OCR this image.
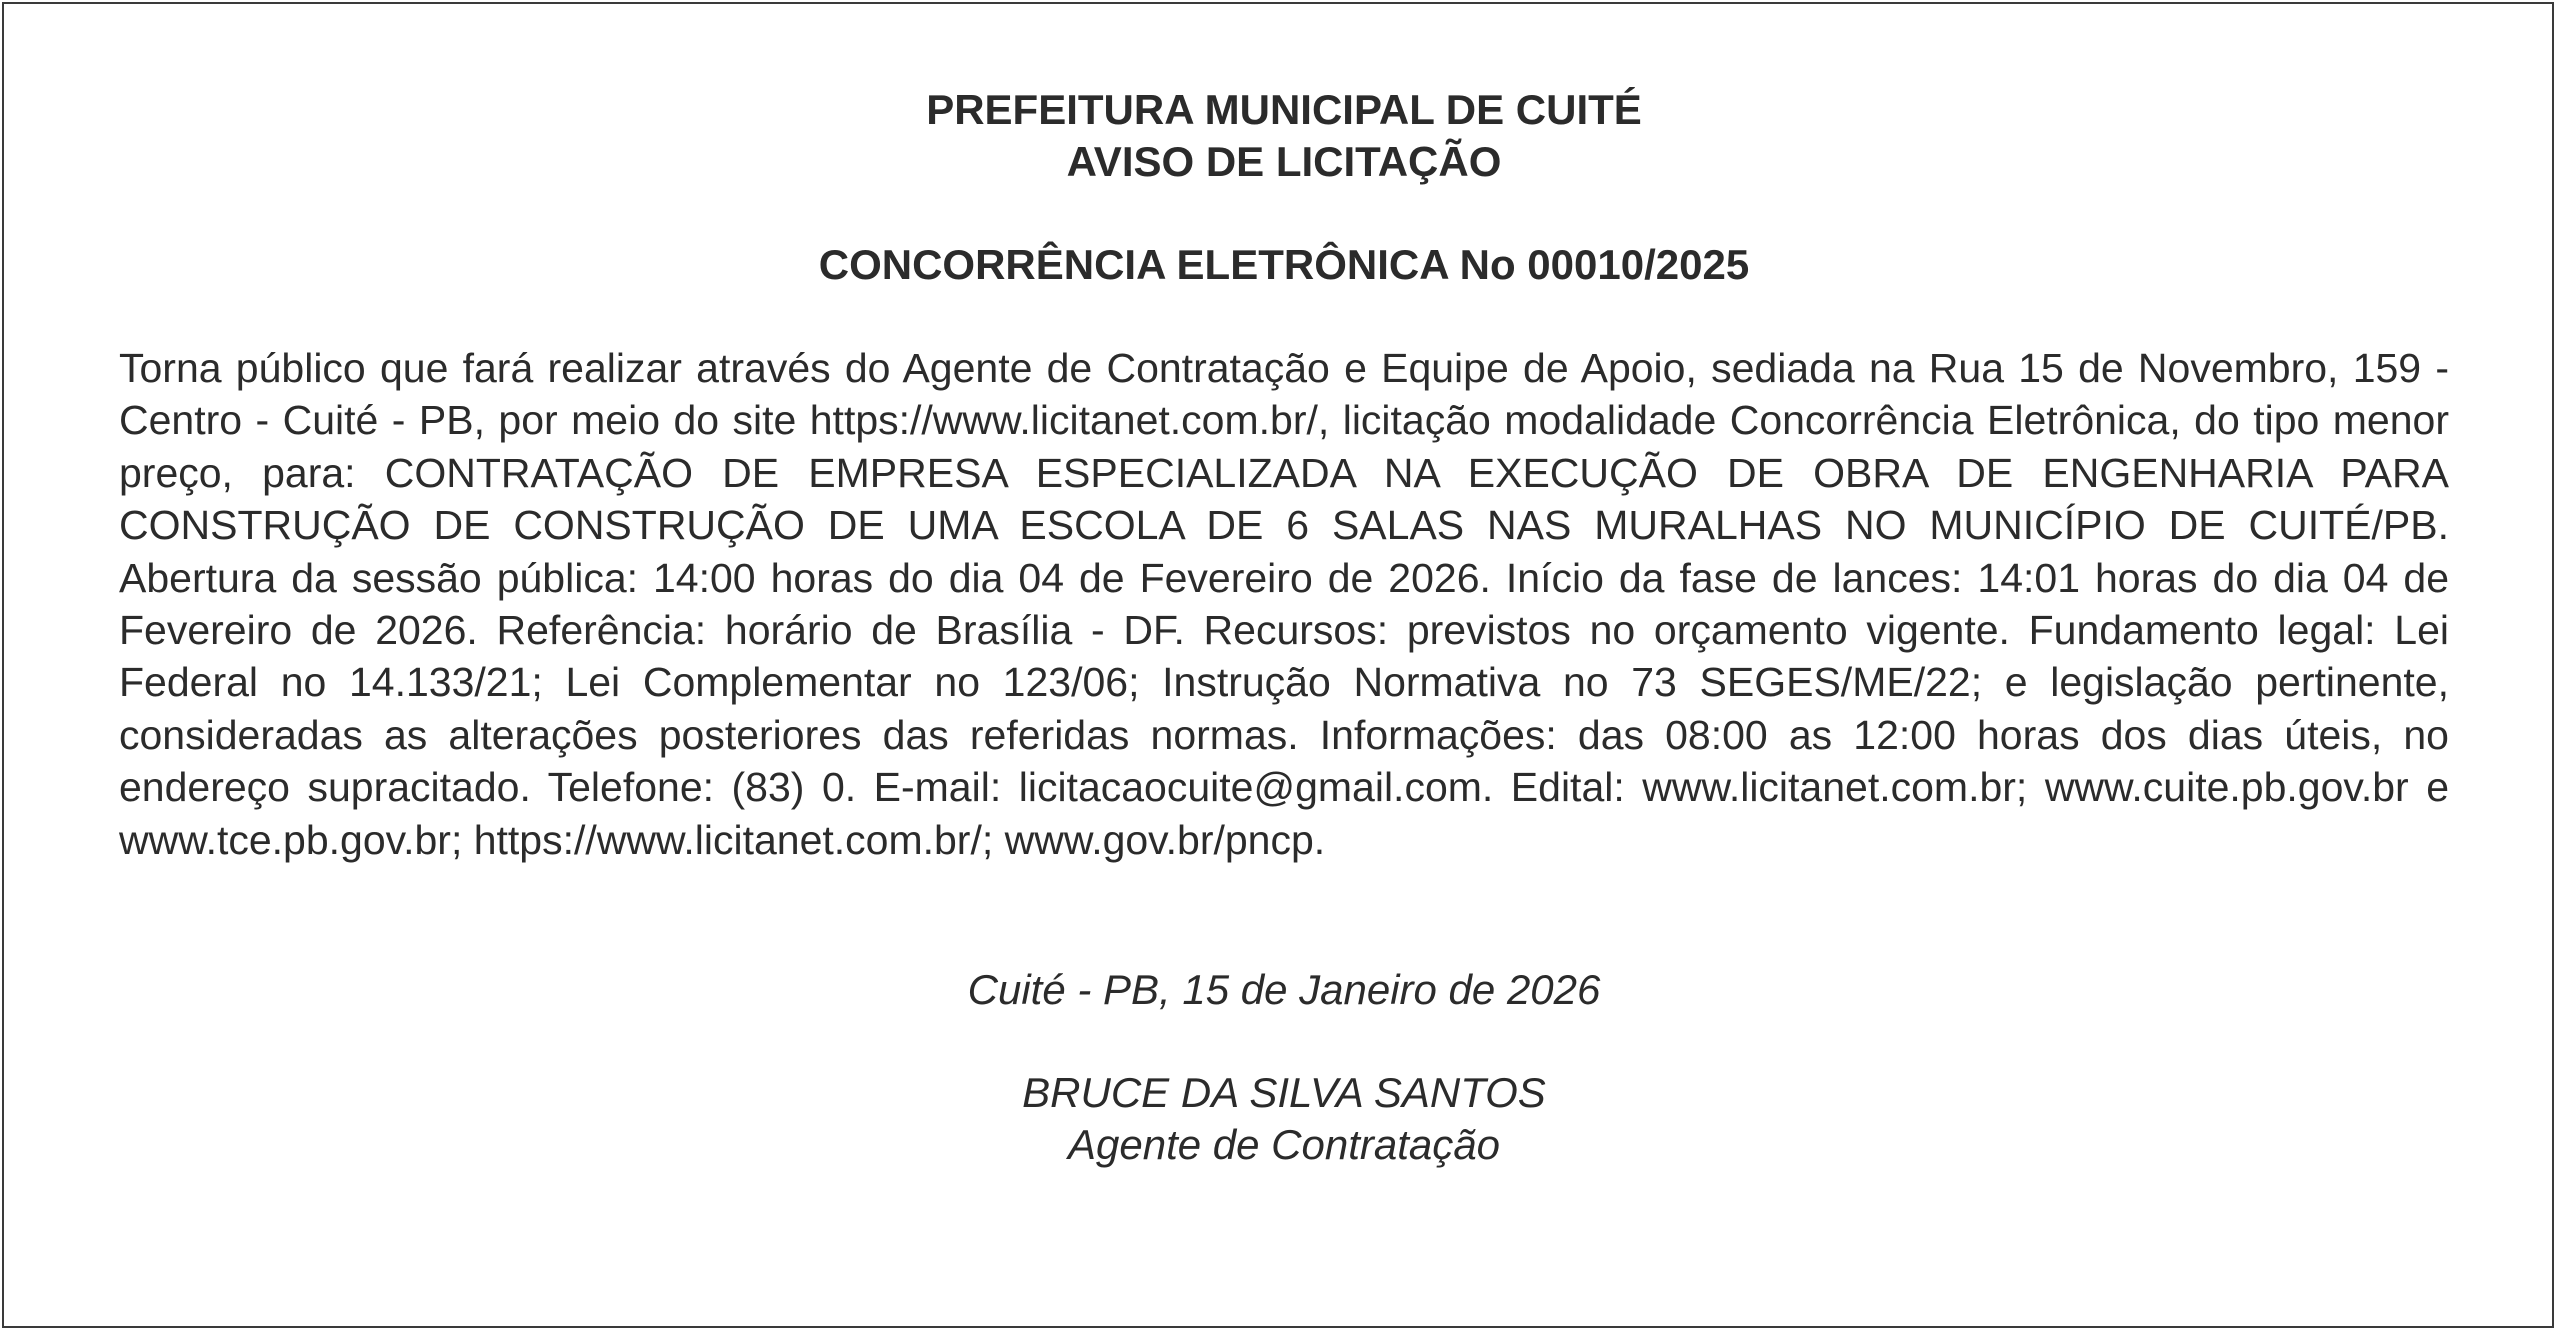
PREFEITURA MUNICIPAL DE CUITÉ

AVISO DE LICITAÇÃO

CONCORRÊNCIA ELETRÔNICA No 00010/2025

Torna público que fará realizar através do Agente de Contratação e Equipe de Apoio, sediada na Rua 15 de Novembro, 159 - Centro - Cuité - PB, por meio do site https://www.licitanet.com.br/, licitação modalidade Concorrência Eletrônica, do tipo menor preço, para: CONTRATAÇÃO DE EMPRESA ESPECIALIZADA NA EXECUÇÃO DE OBRA DE ENGENHARIA PARA CONSTRUÇÃO DE CONSTRUÇÃO DE UMA ESCOLA DE 6 SALAS NAS MURALHAS NO MUNICÍPIO DE CUITÉ/PB. Abertura da sessão pública: 14:00 horas do dia 04 de Fevereiro de 2026. Início da fase de lances: 14:01 horas do dia 04 de Fevereiro de 2026. Referência: horário de Brasília - DF. Recursos: previstos no orçamento vigente. Fundamento legal: Lei Federal no 14.133/21; Lei Complementar no 123/06; Instrução Normativa no 73 SEGES/ME/22; e legislação pertinente, consideradas as alterações posteriores das referidas normas. Informações: das 08:00 as 12:00 horas dos dias úteis, no endereço supracitado. Telefone: (83) 0. E-mail: licitacaocuite@gmail.com. Edital: www.licitanet.com.br; www.cuite.pb.gov.br e www.tce.pb.gov.br; https://www.licitanet.com.br/; www.gov.br/pncp.

Cuité - PB, 15 de Janeiro de 2026

BRUCE DA SILVA SANTOS
Agente de Contratação
